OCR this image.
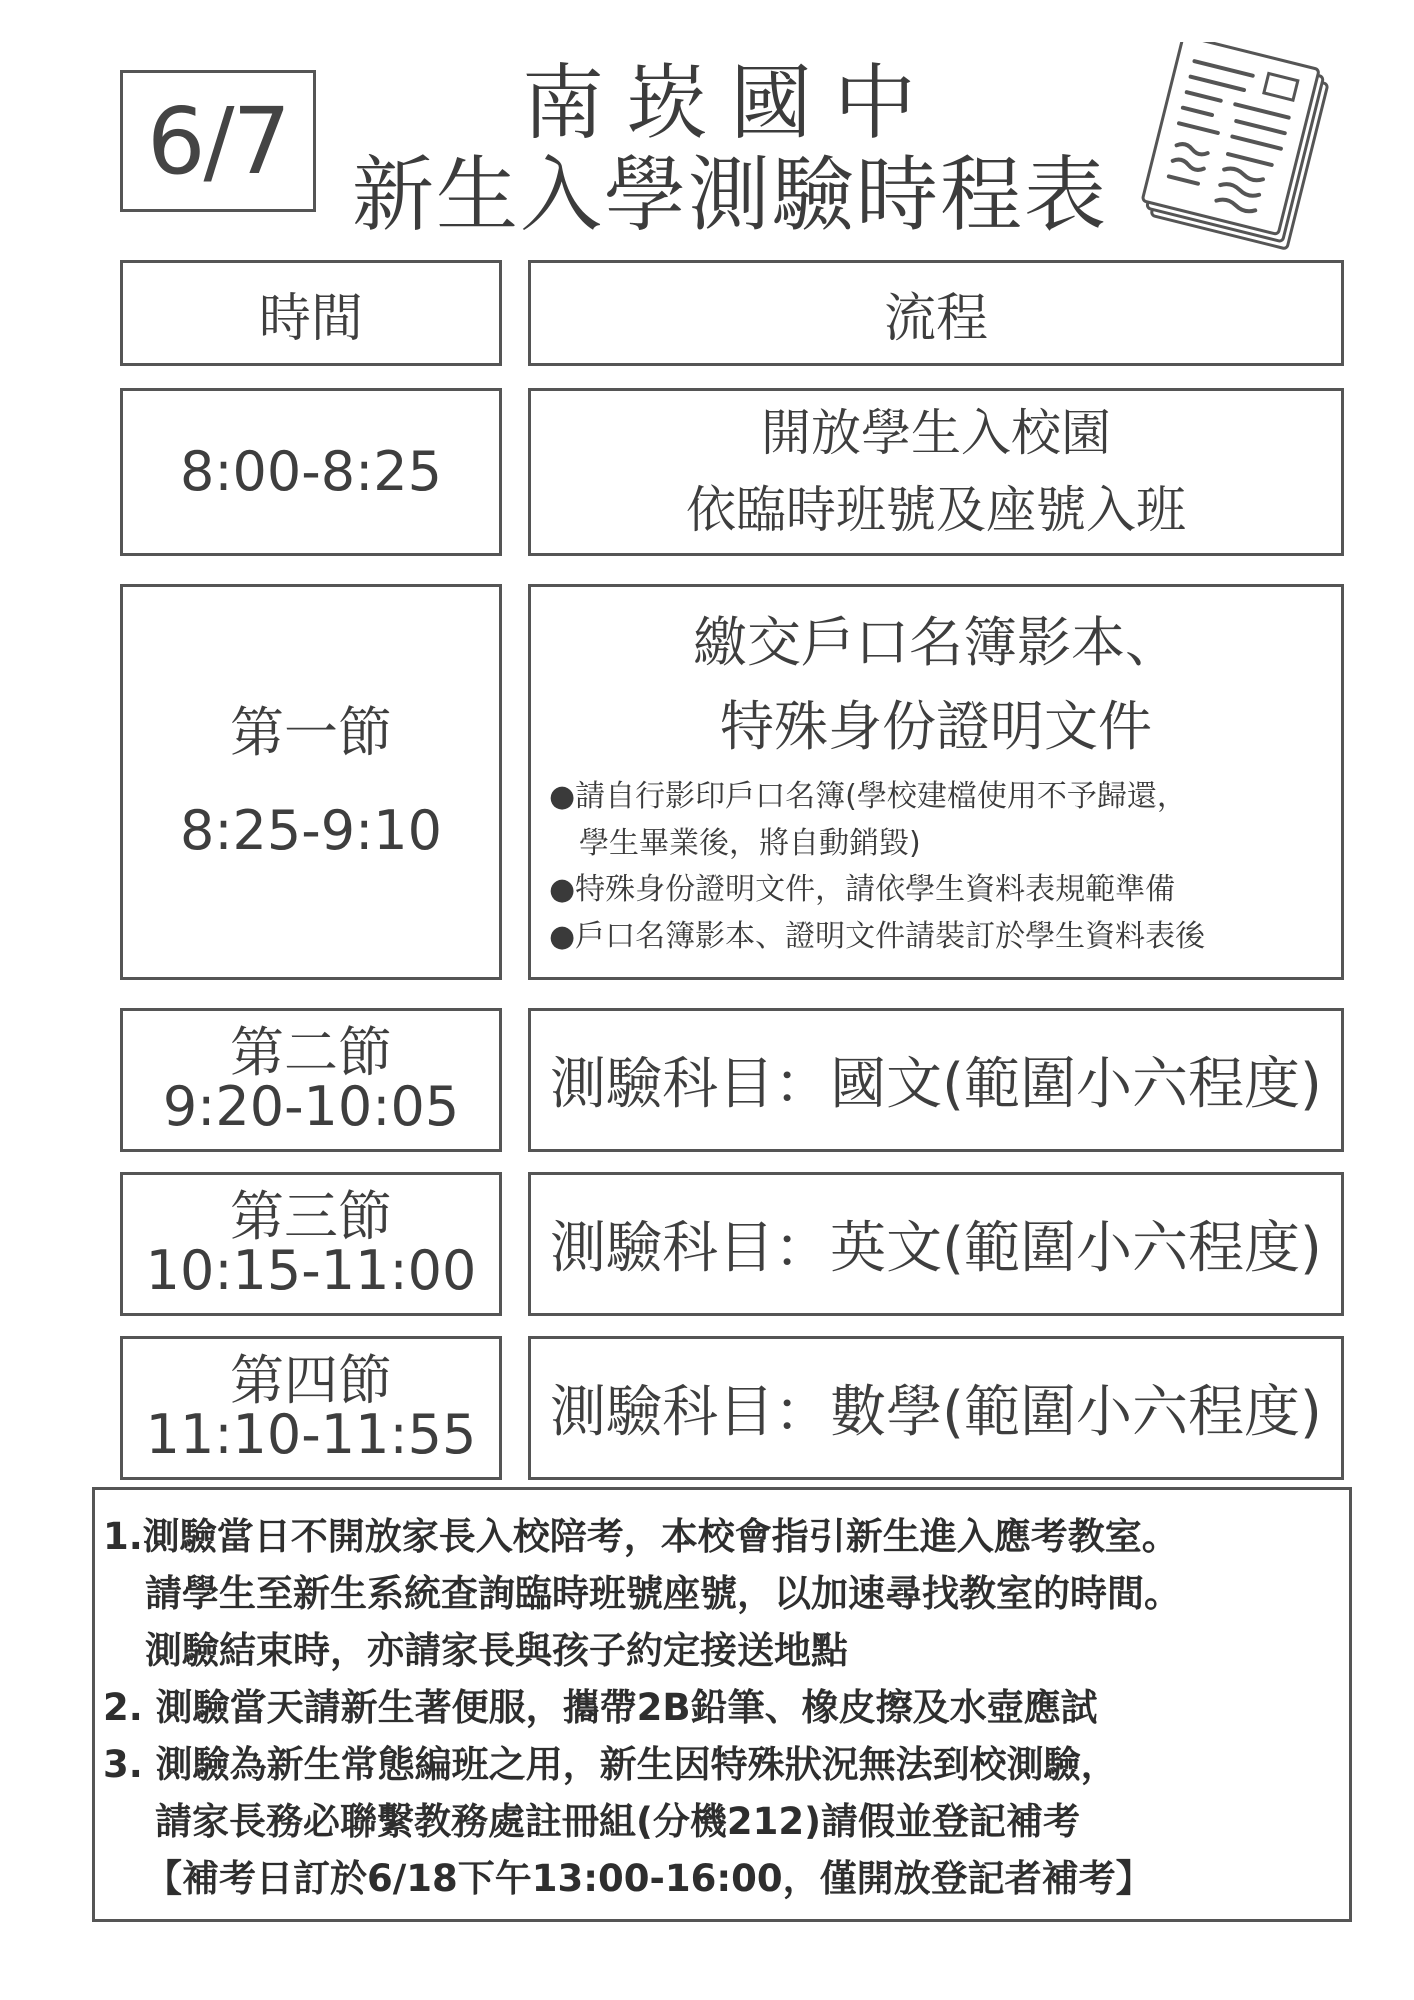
6/7	南崁國中
新生入學測驗時程表
時間	流程
8:00-8:25
開放學生入校園
依臨時班號及座號入班
第一節
8:25-9:10
繳交戶口名簿影本、
特殊身份證明文件
●請自行影印戶口名簿(學校建檔使用不予歸還，
學生畢業後，將自動銷毀)
●特殊身份證明文件，請依學生資料表規範準備
●戶口名簿影本、證明文件請裝訂於學生資料表後
第二節
9:20-10:05 測驗科目：國文(範圍小六程度)
第三節
10:15-11:00 測驗科目：英文(範圍小六程度)
第四節
11:10-11:55 測驗科目：數學(範圍小六程度)
1.測驗當日不開放家長入校陪考，本校會指引新生進入應考教室。
請學生至新生系統查詢臨時班號座號，以加速尋找教室的時間。
測驗結束時，亦請家長與孩子約定接送地點
2. 測驗當天請新生著便服，攜帶2B鉛筆、橡皮擦及水壺應試
3. 測驗為新生常態編班之用，新生因特殊狀況無法到校測驗，
請家長務必聯繫教務處註冊組(分機212)請假並登記補考
【補考日訂於6/18下午13:00-16:00，僅開放登記者補考】
